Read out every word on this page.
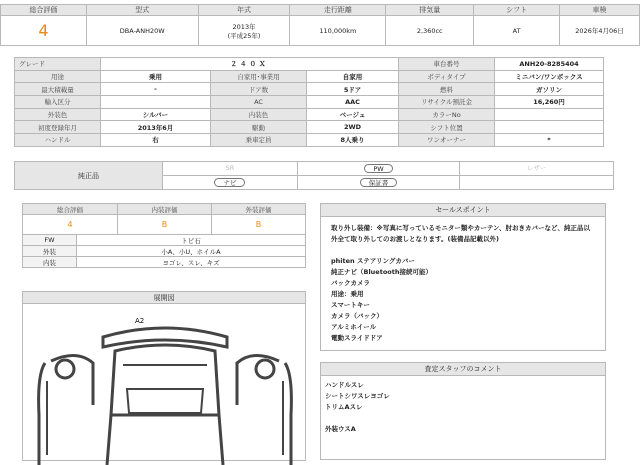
総合評価	型式	年式	走行距離	排気量	シフト	車検
4	DBA-ANH20W	2013年
(平成25年)	110,000km	2,360cc	AT	2026年4月06日
グレード	２４０Ｘ			車台番号	ANH20-8285404
用途	乗用	自家用･事業用	自家用	ボディタイプ	ミニバン/ワンボックス
最大積載量	-	ドア数	5ドア	燃料	ガソリン
輸入区分		AC	AAC	リサイクル預託金	16,260円
外装色	シルバー	内装色	ベージュ	カラーNo	
初度登録年月	2013年6月	駆動	2WD	シフト位置	
ハンドル	右	乗車定員	8人乗り	ワンオーナー	*
純正品	SR	PW	レザー
	ナビ	保証書	
総合評価		内装評価	外装評価
4		B	B
FW	トビ石		
外装	小A、小U、ホイルA		
内装	ヨゴレ、スレ、キズ		
展開図
A2
セールスポイント
取り外し装備：※写真に写っているモニター類やカーテン、肘おきカバーなど、純正品以外全て取り外してのお渡しとなります。(装備品記載以外)
phiten ステアリングカバー
純正ナビ（Bluetooth接続可能）
バックカメラ
用途：乗用
スマートキー
カメラ（バック）
アルミホイール
電動スライドドア
査定スタッフのコメント
ハンドルスレ
シートシワスレヨゴレ
トリムAスレ
外装ウスA
